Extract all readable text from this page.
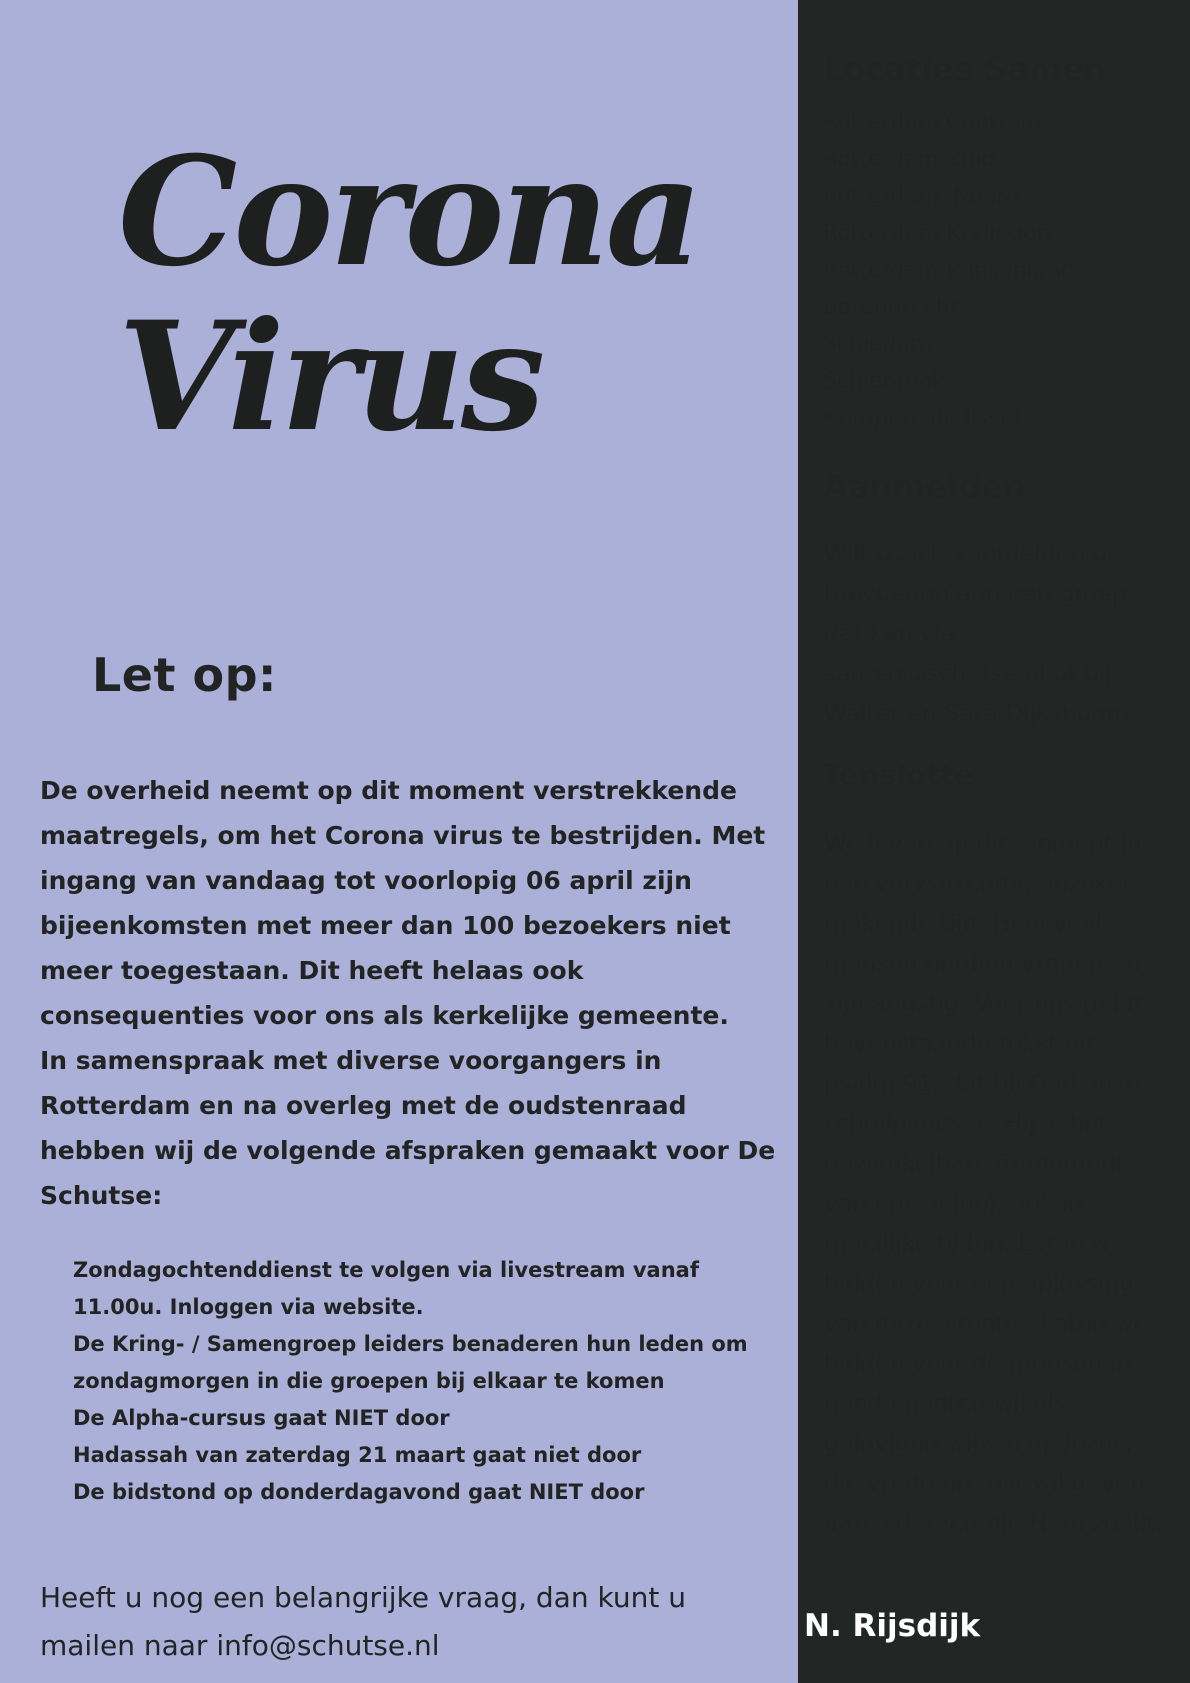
Corona
Virus
Let op:

De overheid neemt op dit moment verstrekkende maatregels, om het Corona virus te bestrijden. Met ingang van vandaag tot voorlopig 06 april zijn bijeenkomsten met meer dan 100 bezoekers niet meer toegestaan. Dit heeft helaas ook consequenties voor ons als kerkelijke gemeente.

In samenspraak met diverse voorgangers in Rotterdam en na overleg met de oudstenraad hebben wij de volgende afspraken gemaakt voor De Schutse:

Zondagochtenddienst te volgen via livestream vanaf 11.00u. Inloggen via website.
De Kring- / Samengroep leiders benaderen hun leden om zondagmorgen in die groepen bij elkaar te komen
De Alpha-cursus gaat NIET door
Hadassah van zaterdag 21 maart gaat niet door
De bidstond op donderdagavond gaat NIET door

Heeft u nog een belangrijke vraag, dan kunt u mailen naar info@schutse.nl

Locaties Samen
Rotterdam Centrum
Rotterdam Zuid
Rotterdam  Noord
Rotterdam Kralingen
Rotterdam Prinsenland
Barendrecht
Schiedam
Schiebroek
Krimpen a/d IJssel
Aanmelden

Wilt u zich aanmelden of toevoegen aan een groep, dat kan via samen@schutse.nl of bij Walter en Sara Dijkshoorn

Tenslotte

We leven op dit moment in een verwarrende, onzeker makende tijd. Heel veel mensen hebben vragen en zijn angstig. Voor ons geldt bovenstaande tekst uit psalm 91, dat bij God onze schuilplaats is. Hij is het onwankelbare fundament van ons geloof, ook in moeilijke tijden. Laten we bidden voor een oplossing van deze situatie. Laten we bidden voor de mensen in nood en laten wij als gelovigen wijzen op Jezus, die vrede en rust wil geven aan iedereen die Hem zoekt.

N. Rijsdijk
